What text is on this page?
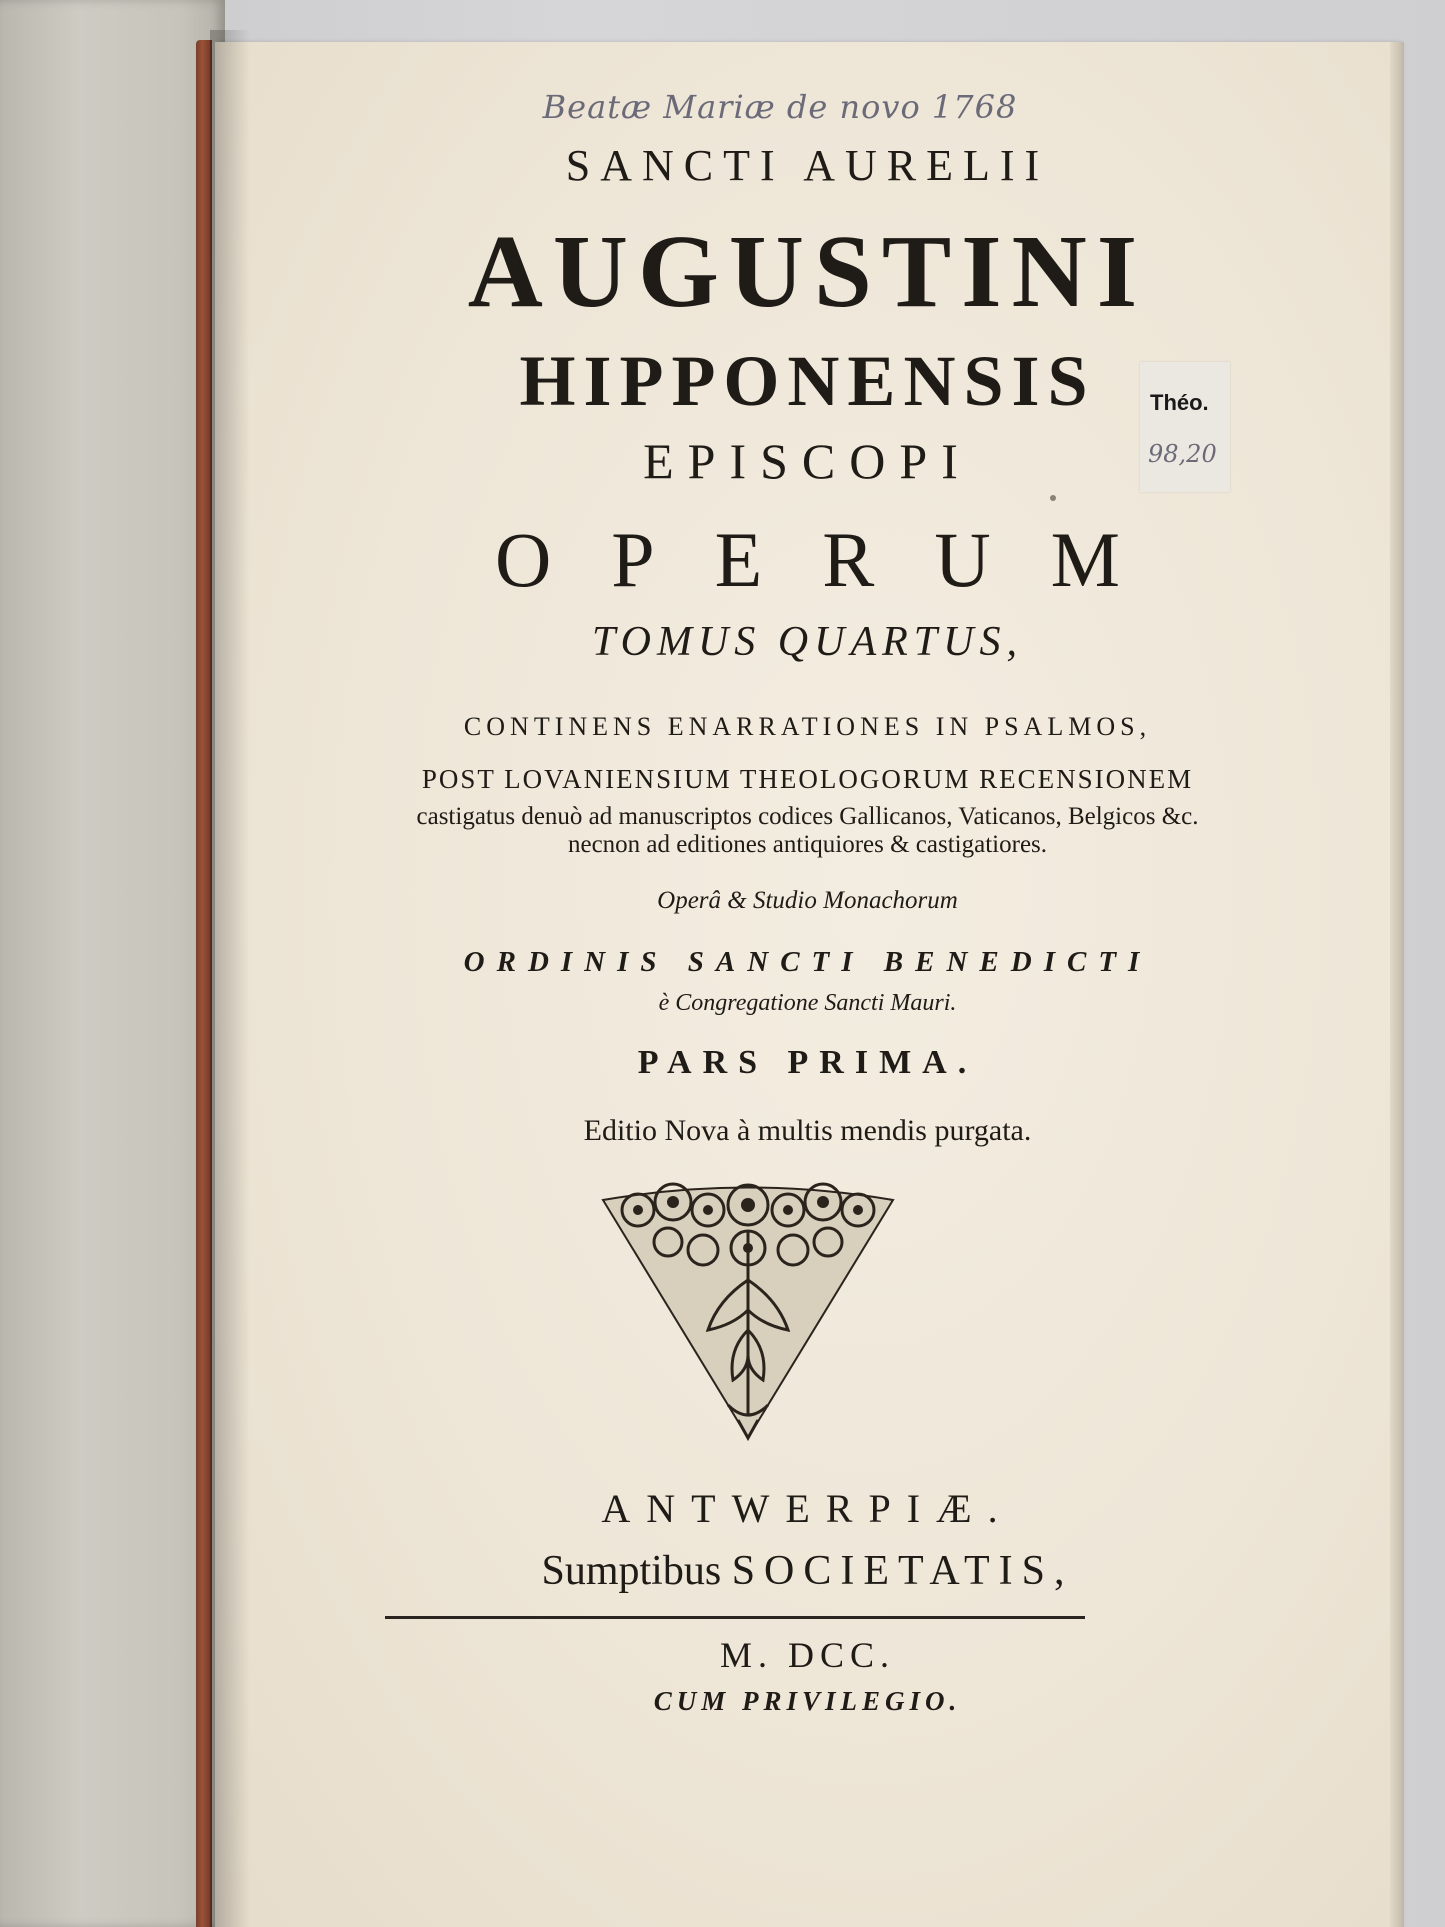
Beatæ Mariæ de novo 1768
SANCTI AURELII
AUGUSTINI
HIPPONENSIS
EPISCOPI
OPERUM
TOMUS QUARTUS,
CONTINENS ENARRATIONES IN PSALMOS,
POST LOVANIENSIUM THEOLOGORUM RECENSIONEM
castigatus denuò ad manuscriptos codices Gallicanos, Vaticanos, Belgicos &c.
necnon ad editiones antiquiores & castigatiores.
Operâ & Studio Monachorum
ORDINIS SANCTI BENEDICTI
è Congregatione Sancti Mauri.
PARS PRIMA.
Editio Nova à multis mendis purgata.
ANTWERPIÆ.
Sumptibus SOCIETATIS,
M. DCC.
CUM PRIVILEGIO.
Théo.
98,20
